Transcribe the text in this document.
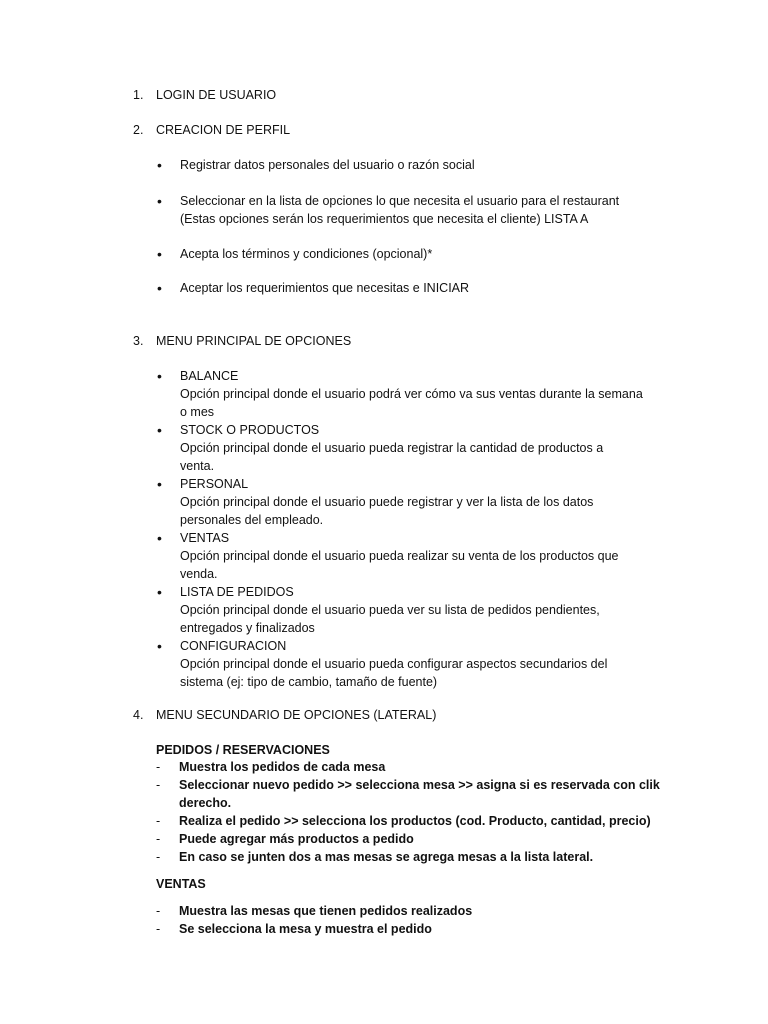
1. LOGIN DE USUARIO
2. CREACION DE PERFIL
• Registrar datos personales del usuario o razón social
• Seleccionar en la lista de opciones lo que necesita el usuario para el restaurant
(Estas opciones serán los requerimientos que necesita el cliente) LISTA A
• Acepta los términos y condiciones (opcional)*
• Aceptar los requerimientos que necesitas e INICIAR
3. MENU PRINCIPAL DE OPCIONES
• BALANCE
Opción principal donde el usuario podrá ver cómo va sus ventas durante la semana
o mes
• STOCK O PRODUCTOS
Opción principal donde el usuario pueda registrar la cantidad de productos a
venta.
• PERSONAL
Opción principal donde el usuario puede registrar y ver la lista de los datos
personales del empleado.
• VENTAS
Opción principal donde el usuario pueda realizar su venta de los productos que
venda.
• LISTA DE PEDIDOS
Opción principal donde el usuario pueda ver su lista de pedidos pendientes,
entregados y finalizados
• CONFIGURACION
Opción principal donde el usuario pueda configurar aspectos secundarios del
sistema (ej: tipo de cambio, tamaño de fuente)
4. MENU SECUNDARIO DE OPCIONES (LATERAL)
PEDIDOS / RESERVACIONES
- Muestra los pedidos de cada mesa
- Seleccionar nuevo pedido >> selecciona mesa >> asigna si es reservada con clik
derecho.
- Realiza el pedido >> selecciona los productos (cod. Producto, cantidad, precio)
- Puede agregar más productos a pedido
- En caso se junten dos a mas mesas se agrega mesas a la lista lateral.
VENTAS
- Muestra las mesas que tienen pedidos realizados
- Se selecciona la mesa y muestra el pedido
